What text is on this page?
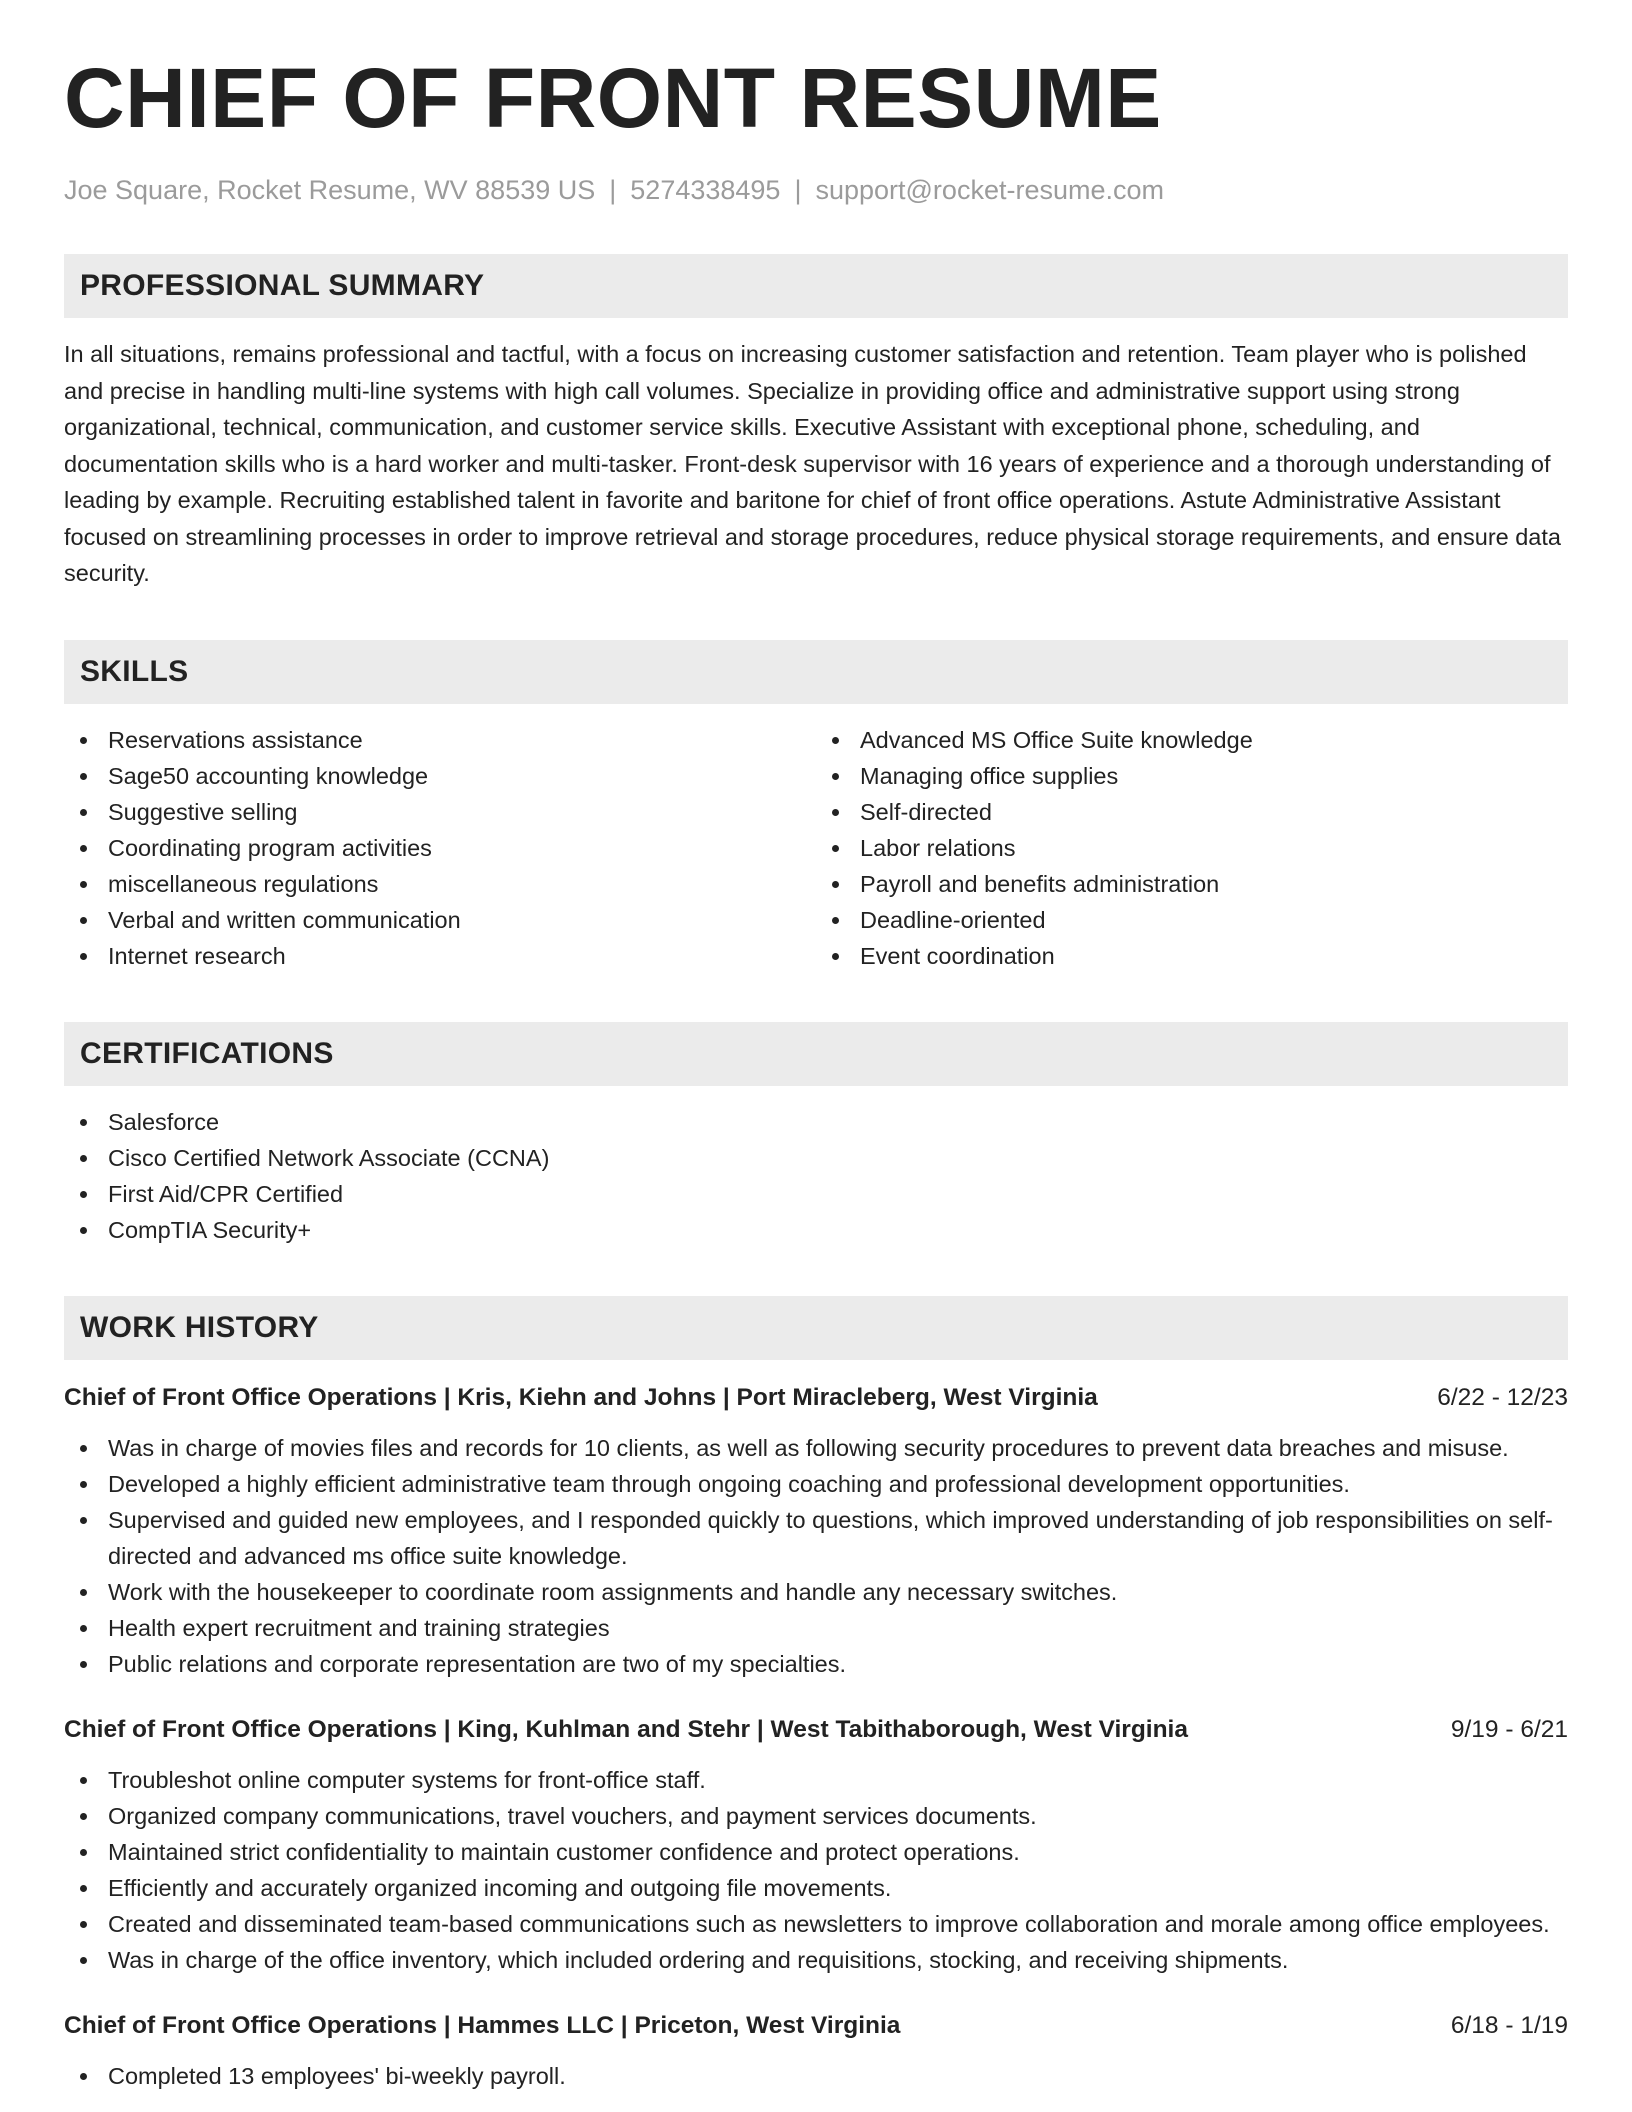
CHIEF OF FRONT RESUME
Joe Square, Rocket Resume, WV 88539 US | 5274338495 | support@rocket-resume.com
PROFESSIONAL SUMMARY

In all situations, remains professional and tactful, with a focus on increasing customer satisfaction and retention. Team player who is polished and precise in handling multi-line systems with high call volumes. Specialize in providing office and administrative support using strong organizational, technical, communication, and customer service skills. Executive Assistant with exceptional phone, scheduling, and documentation skills who is a hard worker and multi-tasker. Front-desk supervisor with 16 years of experience and a thorough understanding of leading by example. Recruiting established talent in favorite and baritone for chief of front office operations. Astute Administrative Assistant focused on streamlining processes in order to improve retrieval and storage procedures, reduce physical storage requirements, and ensure data security.

SKILLS
Reservations assistance
Sage50 accounting knowledge
Suggestive selling
Coordinating program activities
miscellaneous regulations
Verbal and written communication
Internet research
Advanced MS Office Suite knowledge
Managing office supplies
Self-directed
Labor relations
Payroll and benefits administration
Deadline-oriented
Event coordination
CERTIFICATIONS
Salesforce
Cisco Certified Network Associate (CCNA)
First Aid/CPR Certified
CompTIA Security+
WORK HISTORY
Chief of Front Office Operations | Kris, Kiehn and Johns | Port Miracleberg, West Virginia	6/22 - 12/23
Was in charge of movies files and records for 10 clients, as well as following security procedures to prevent data breaches and misuse.
Developed a highly efficient administrative team through ongoing coaching and professional development opportunities.
Supervised and guided new employees, and I responded quickly to questions, which improved understanding of job responsibilities on self-directed and advanced ms office suite knowledge.
Work with the housekeeper to coordinate room assignments and handle any necessary switches.
Health expert recruitment and training strategies
Public relations and corporate representation are two of my specialties.
Chief of Front Office Operations | King, Kuhlman and Stehr | West Tabithaborough, West Virginia	9/19 - 6/21
Troubleshot online computer systems for front-office staff.
Organized company communications, travel vouchers, and payment services documents.
Maintained strict confidentiality to maintain customer confidence and protect operations.
Efficiently and accurately organized incoming and outgoing file movements.
Created and disseminated team-based communications such as newsletters to improve collaboration and morale among office employees.
Was in charge of the office inventory, which included ordering and requisitions, stocking, and receiving shipments.
Chief of Front Office Operations | Hammes LLC | Priceton, West Virginia	6/18 - 1/19
Completed 13 employees' bi-weekly payroll.
